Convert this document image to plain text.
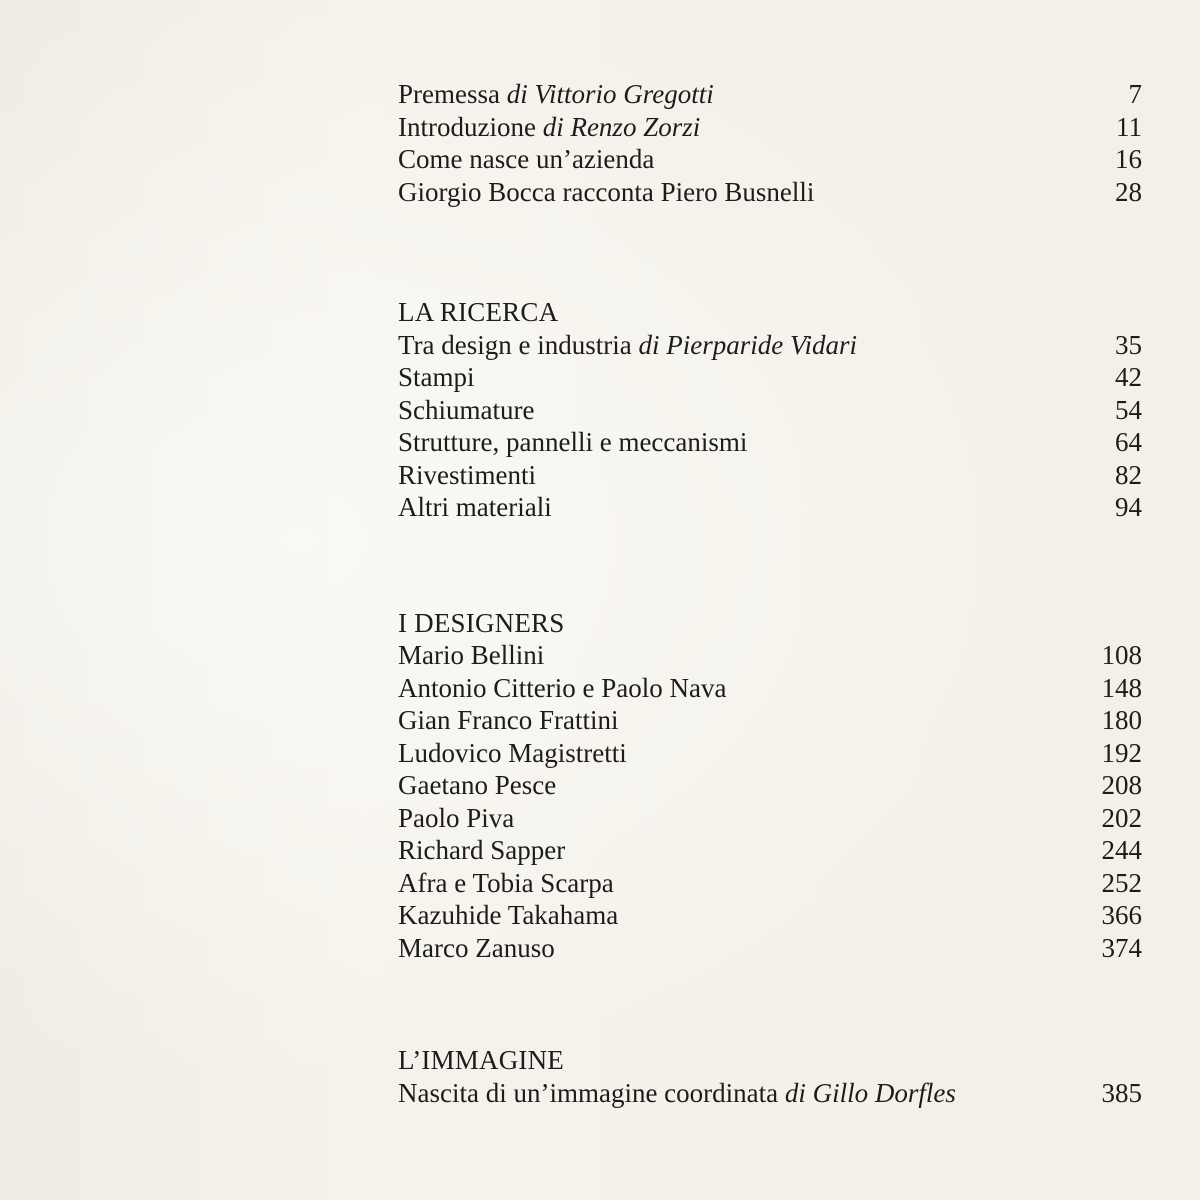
Premessa di Vittorio Gregotti	7
Introduzione di Renzo Zorzi	11
Come nasce un’azienda	16
Giorgio Bocca racconta Piero Busnelli	28
LA RICERCA
Tra design e industria di Pierparide Vidari	35
Stampi	42
Schiumature	54
Strutture, pannelli e meccanismi	64
Rivestimenti	82
Altri materiali	94
I DESIGNERS
Mario Bellini	108
Antonio Citterio e Paolo Nava	148
Gian Franco Frattini	180
Ludovico Magistretti	192
Gaetano Pesce	208
Paolo Piva	202
Richard Sapper	244
Afra e Tobia Scarpa	252
Kazuhide Takahama	366
Marco Zanuso	374
L’IMMAGINE
Nascita di un’immagine coordinata di Gillo Dorfles	385
